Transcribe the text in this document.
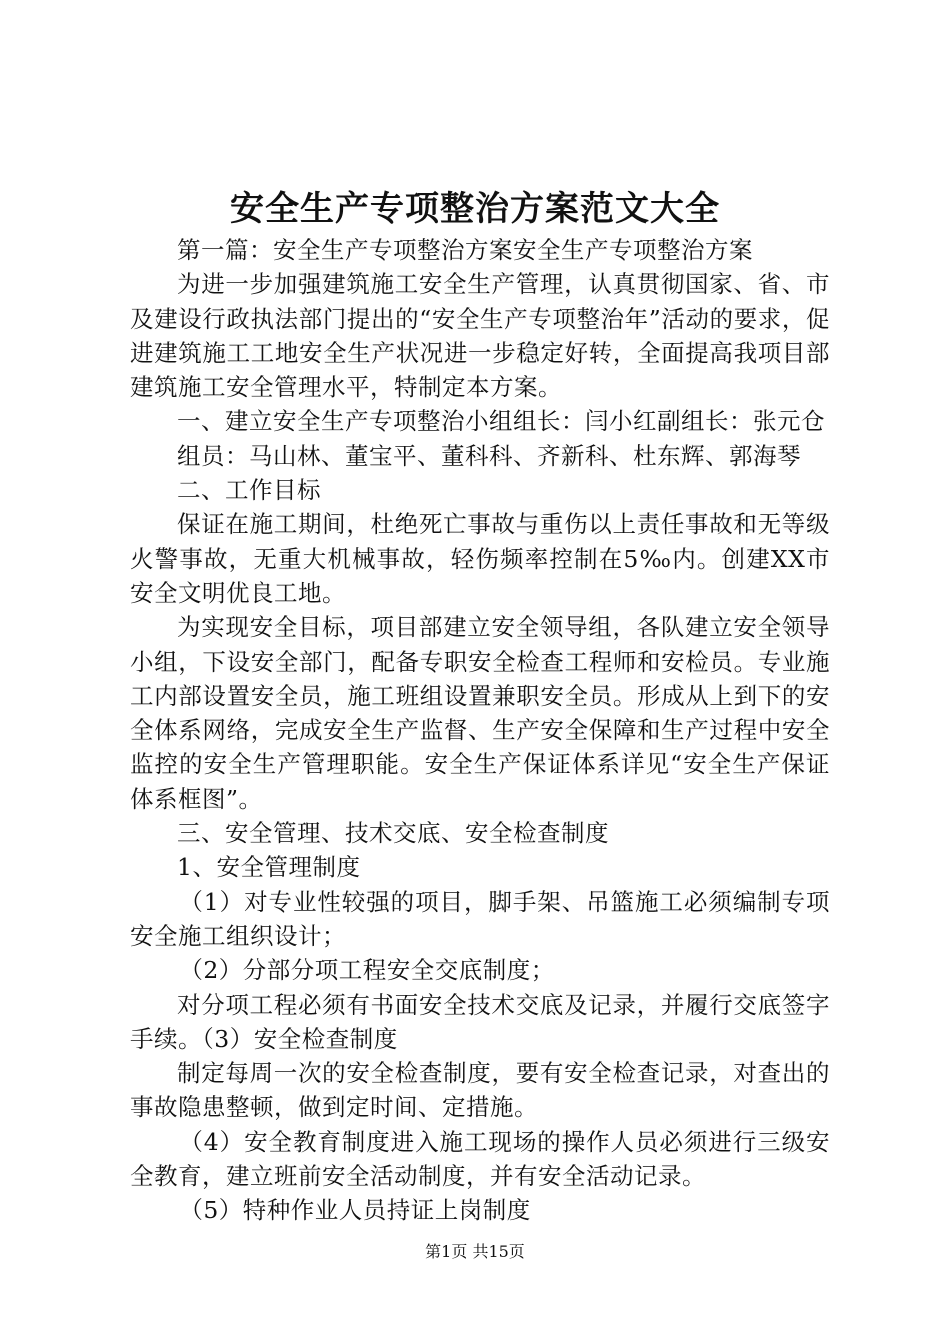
安全生产专项整治方案范文大全

第一篇：安全生产专项整治方案安全生产专项整治方案

为进一步加强建筑施工安全生产管理，认真贯彻国家、省、市及建设行政执法部门提出的“安全生产专项整治年”活动的要求，促进建筑施工工地安全生产状况进一步稳定好转，全面提高我项目部建筑施工安全管理水平，特制定本方案。

一、建立安全生产专项整治小组组长：闫小红副组长：张元仓

组员：马山林、董宝平、董科科、齐新科、杜东辉、郭海琴

二、工作目标

保证在施工期间，杜绝死亡事故与重伤以上责任事故和无等级火警事故，无重大机械事故，轻伤频率控制在5‰内。创建XX市安全文明优良工地。

为实现安全目标，项目部建立安全领导组，各队建立安全领导小组，下设安全部门，配备专职安全检查工程师和安检员。专业施工内部设置安全员，施工班组设置兼职安全员。形成从上到下的安全体系网络，完成安全生产监督、生产安全保障和生产过程中安全监控的安全生产管理职能。安全生产保证体系详见“安全生产保证体系框图”。

三、安全管理、技术交底、安全检查制度

1、安全管理制度

（1）对专业性较强的项目，脚手架、吊篮施工必须编制专项安全施工组织设计；

（2）分部分项工程安全交底制度；

对分项工程必须有书面安全技术交底及记录，并履行交底签字手续。（3）安全检查制度

制定每周一次的安全检查制度，要有安全检查记录，对查出的事故隐患整顿，做到定时间、定措施。

（4）安全教育制度进入施工现场的操作人员必须进行三级安全教育，建立班前安全活动制度，并有安全活动记录。

（5）特种作业人员持证上岗制度

第1页 共15页
